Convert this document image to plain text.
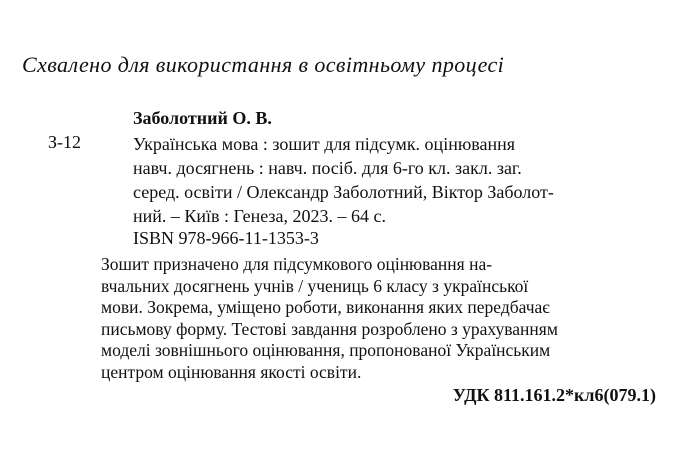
Схвалено для використання в освітньому процесі
Заболотний О. В.
З-12	Українська мова : зошит для підсумк. оцінювання
навч. досягнень : навч. посіб. для 6-го кл. закл. заг.
серед. освіти / Олександр Заболотний, Віктор Заболот-
ний. – Київ : Генеза, 2023. – 64 с.
ISBN 978-966-11-1353-3
Зошит призначено для підсумкового оцінювання на-
вчальних досягнень учнів / учениць 6 класу з української
мови. Зокрема, уміщено роботи, виконання яких передбачає
письмову форму. Тестові завдання розроблено з урахуванням
моделі зовнішнього оцінювання, пропонованої Українським
центром оцінювання якості освіти.
УДК 811.161.2*кл6(079.1)
